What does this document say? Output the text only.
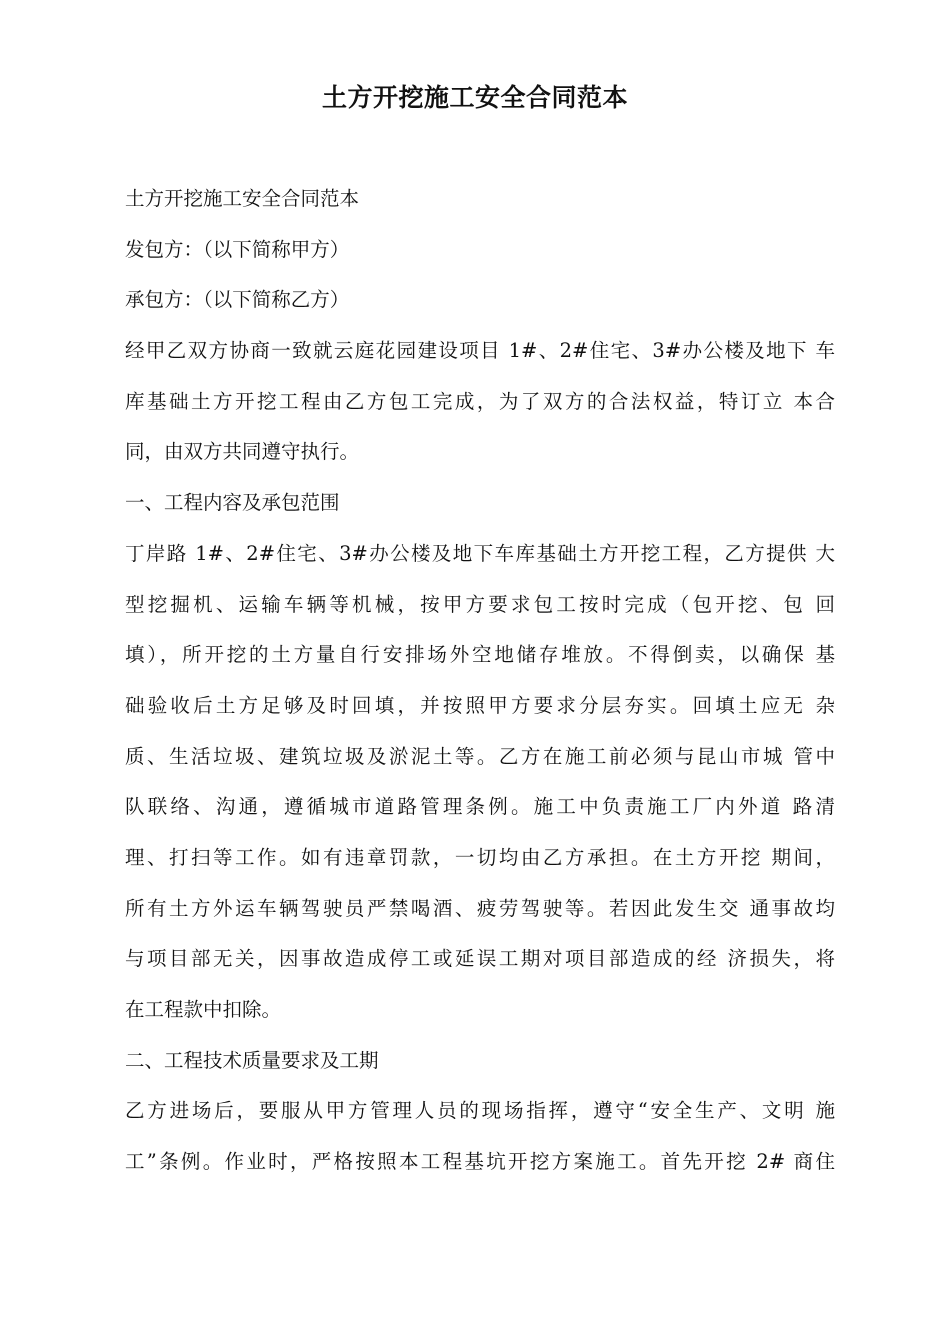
土方开挖施工安全合同范本
土方开挖施工安全合同范本
发包方：（以下简称甲方）
承包方：（以下简称乙方）
经甲乙双方协商一致就云庭花园建设项目 1#、2#住宅、3#办公楼及地下 车
库基础土方开挖工程由乙方包工完成，为了双方的合法权益，特订立 本合
同，由双方共同遵守执行。
一、工程内容及承包范围
丁岸路 1#、2#住宅、3#办公楼及地下车库基础土方开挖工程，乙方提供 大
型挖掘机、运输车辆等机械，按甲方要求包工按时完成（包开挖、包 回
填），所开挖的土方量自行安排场外空地储存堆放。不得倒卖，以确保 基
础验收后土方足够及时回填，并按照甲方要求分层夯实。回填土应无 杂
质、生活垃圾、建筑垃圾及淤泥土等。乙方在施工前必须与昆山市城 管中
队联络、沟通，遵循城市道路管理条例。施工中负责施工厂内外道 路清
理、打扫等工作。如有违章罚款，一切均由乙方承担。在土方开挖 期间，
所有土方外运车辆驾驶员严禁喝酒、疲劳驾驶等。若因此发生交 通事故均
与项目部无关，因事故造成停工或延误工期对项目部造成的经 济损失，将
在工程款中扣除。
二、工程技术质量要求及工期
乙方进场后，要服从甲方管理人员的现场指挥，遵守“安全生产、文明 施
工”条例。作业时，严格按照本工程基坑开挖方案施工。首先开挖 2# 商住
